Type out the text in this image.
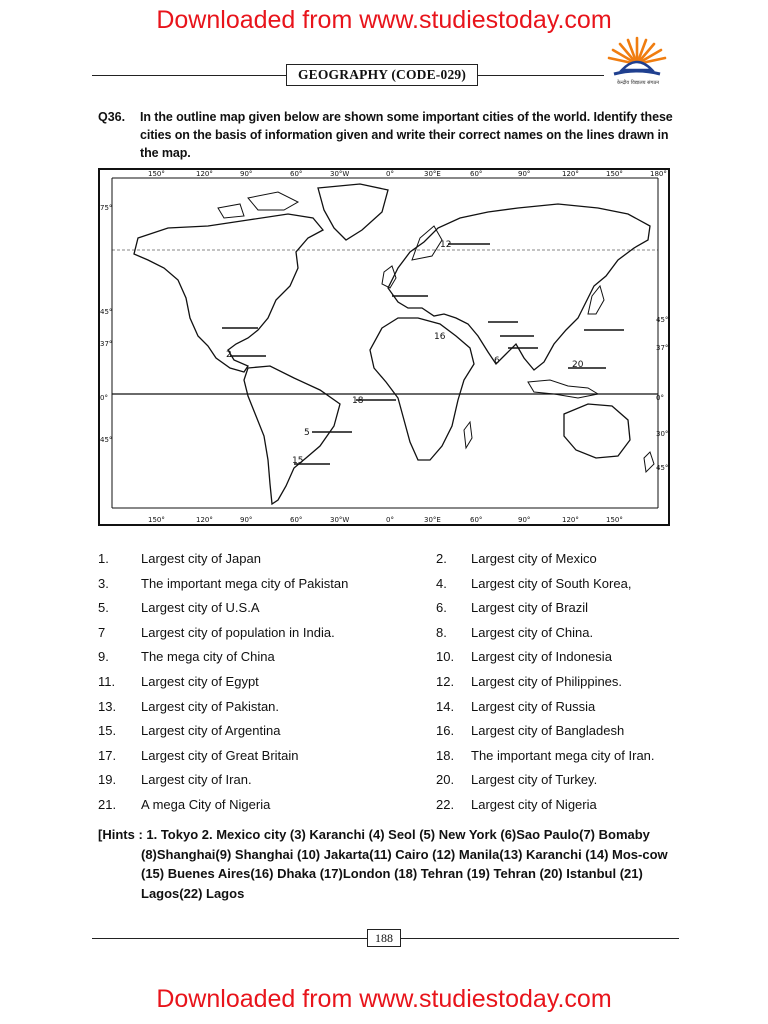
Downloaded from www.studiestoday.com
GEOGRAPHY (CODE-029)
केन्द्रीय विद्यालय संगठन
Q36. In the outline map given below are shown some important cities of the world. Identify these cities on the basis of information given and write their correct names on the lines drawn in the map.
150°	120°	90°	60°	30°W	0°	30°E	60°	90°	120°	150°	180°
150°	120°	90°	60°	30°W	0°	30°E	60°	90°	120°	150°
75°
45°
37°
0°
45°
45°
37°
0°
30°
45°
2
5
12
16
20
18
6
15
1.	Largest city of Japan	2.	Largest city of Mexico
3.	The important mega city of Pakistan	4.	Largest city of South Korea,
5.	Largest city of U.S.A	6.	Largest city of Brazil
7	Largest city of population in India.	8.	Largest city of China.
9.	The mega city of China	10.	Largest city of Indonesia
11.	Largest city of Egypt	12.	Largest city of Philippines.
13.	Largest city of Pakistan.	14.	Largest city of Russia
15.	Largest city of Argentina	16.	Largest city of Bangladesh
17.	Largest city of Great Britain	18.	The important mega city of Iran.
19.	Largest city of Iran.	20.	Largest city of Turkey.
21.	A mega City of Nigeria	22.	Largest city of Nigeria
[Hints : 1. Tokyo 2. Mexico city (3) Karanchi (4) Seol (5) New York (6)Sao Paulo(7) Bomaby (8)Shanghai(9) Shanghai (10) Jakarta(11) Cairo (12) Manila(13) Karanchi (14) Mos-cow (15) Buenes Aires(16) Dhaka (17)London (18) Tehran (19) Tehran (20) Istanbul (21) Lagos(22) Lagos
188
Downloaded from www.studiestoday.com
